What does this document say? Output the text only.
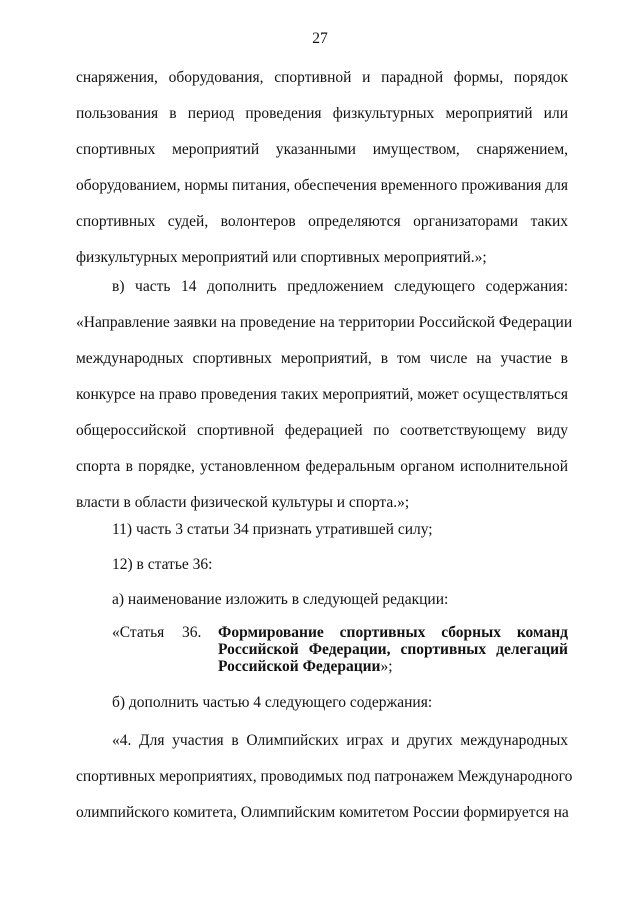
27
снаряжения, оборудования, спортивной и парадной формы, порядок
пользования в период проведения физкультурных мероприятий или
спортивных мероприятий указанными имуществом, снаряжением,
оборудованием, нормы питания, обеспечения временного проживания для
спортивных судей, волонтеров определяются организаторами таких
физкультурных мероприятий или спортивных мероприятий.»;
в) часть 14 дополнить предложением следующего содержания:
«Направление заявки на проведение на территории Российской Федерации
международных спортивных мероприятий, в том числе на участие в
конкурсе на право проведения таких мероприятий, может осуществляться
общероссийской спортивной федерацией по соответствующему виду
спорта в порядке, установленном федеральным органом исполнительной
власти в области физической культуры и спорта.»;
11) часть 3 статьи 34 признать утратившей силу;
12) в статье 36:
а) наименование изложить в следующей редакции:
«Статья 36. Формирование спортивных сборных команд
Российской Федерации, спортивных делегаций
Российской Федерации»;
б) дополнить частью 4 следующего содержания:
«4. Для участия в Олимпийских играх и других международных
спортивных мероприятиях, проводимых под патронажем Международного
олимпийского комитета, Олимпийским комитетом России формируется на
